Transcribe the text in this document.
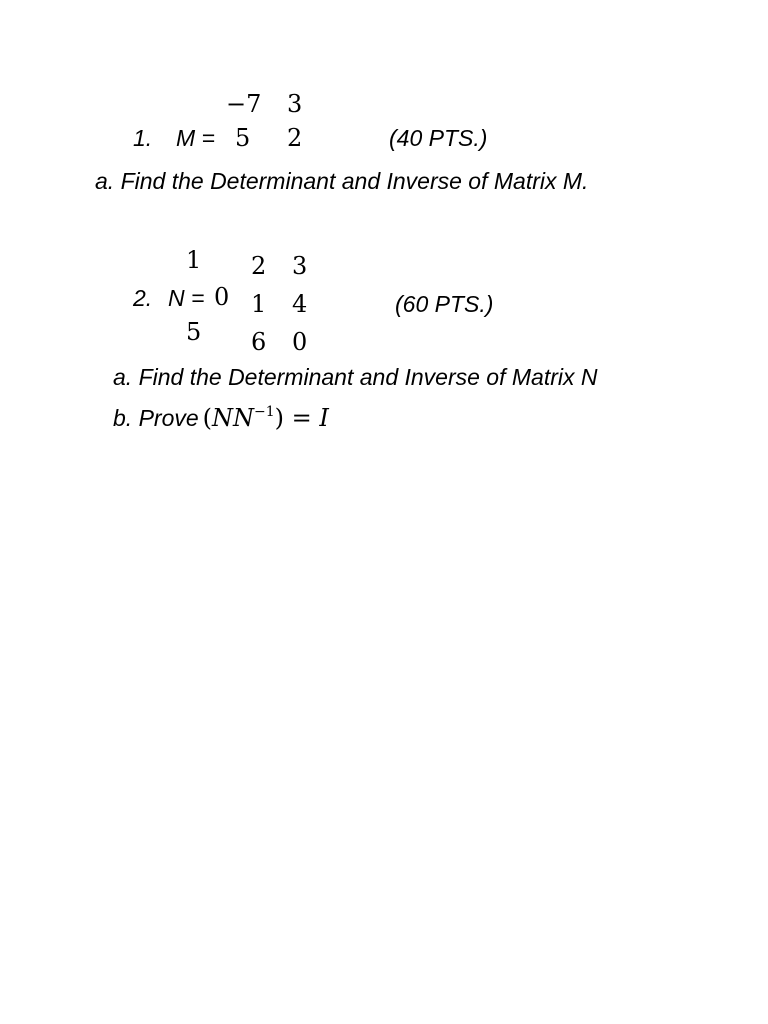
−7 3
1. M = 5 2	(40 PTS.)
a. Find the Determinant and Inverse of Matrix M.
1 2 3
2. N = 0 1 4	(60 PTS.)
5 6 0
a. Find the Determinant and Inverse of Matrix N
b. Prove $(NN^{-1}) = I$
